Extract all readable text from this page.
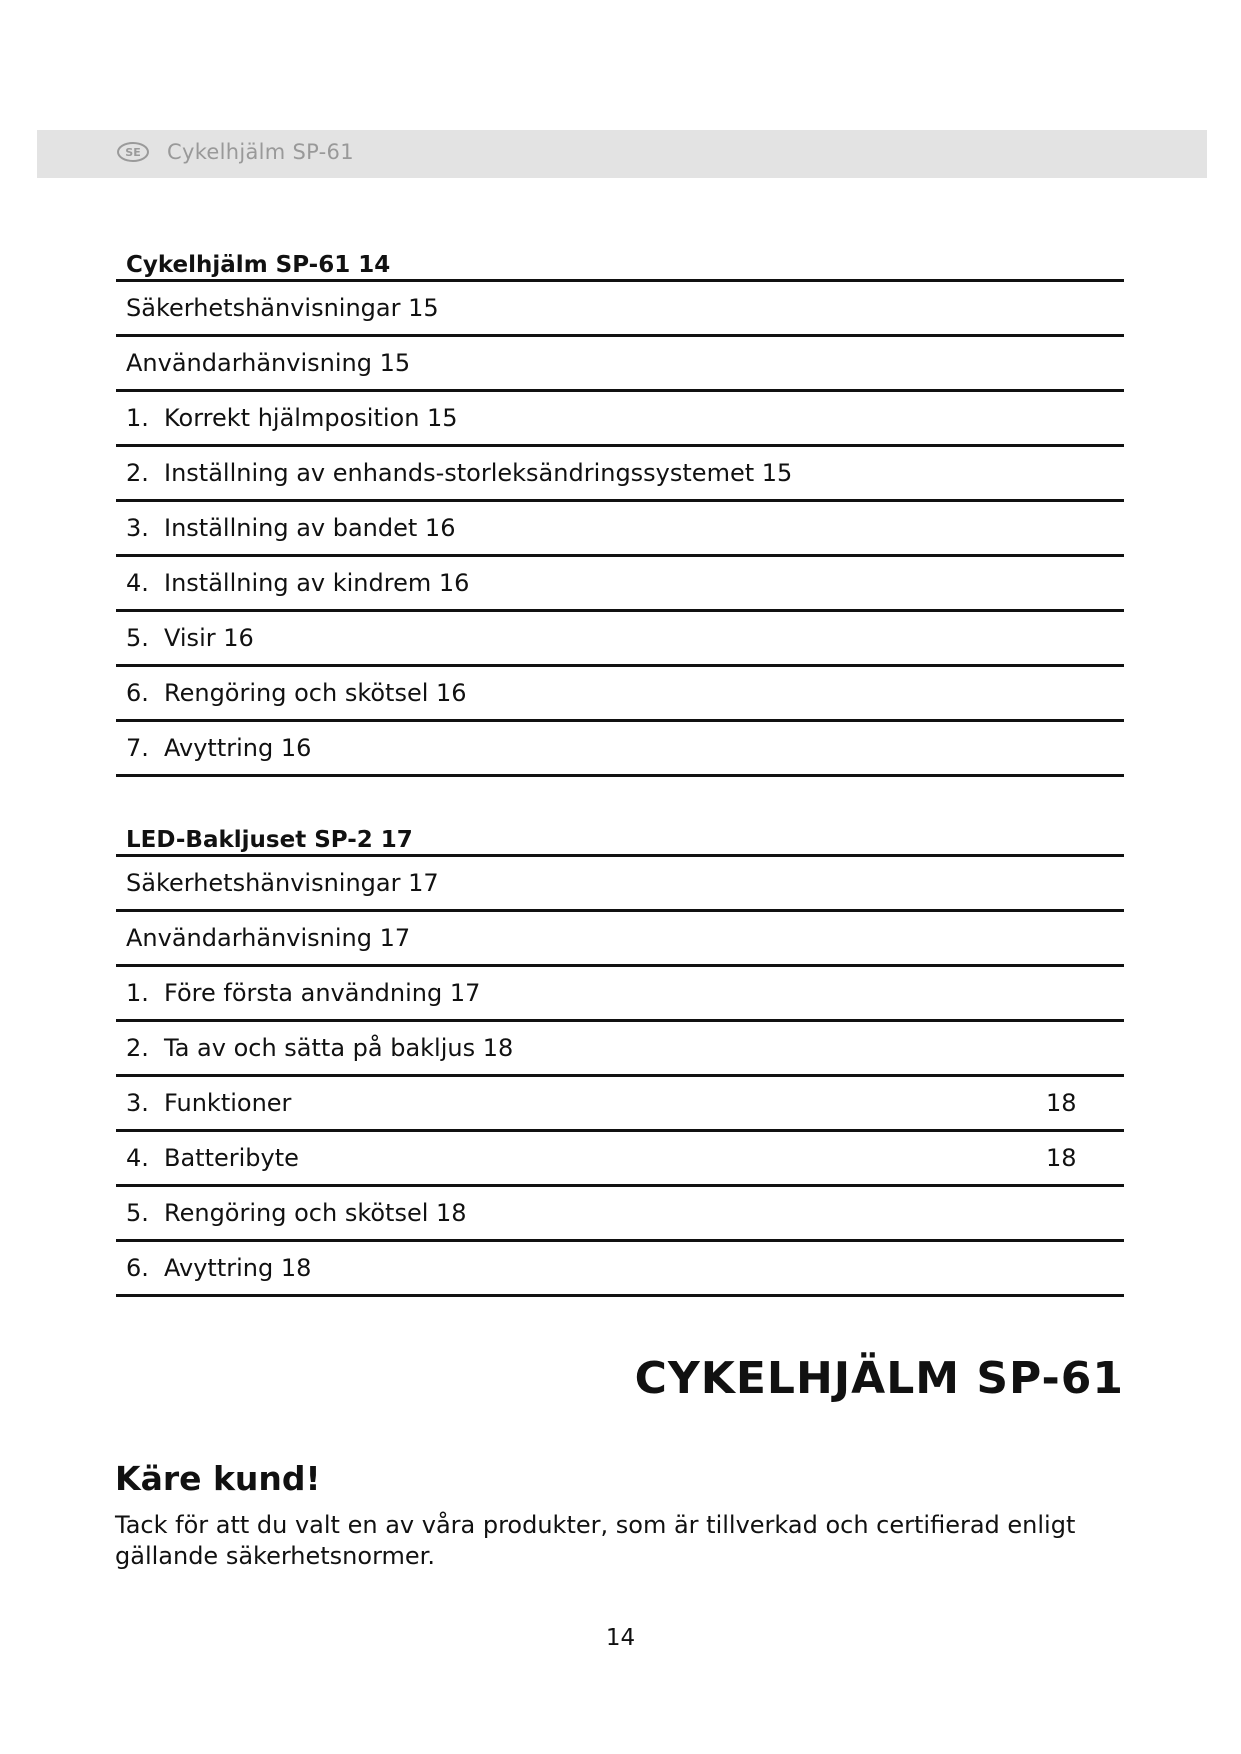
SE	Cykelhjälm SP-61
Cykelhjälm SP-61 14
Säkerhetshänvisningar 15
Användarhänvisning 15
1. Korrekt hjälmposition 15
2. Inställning av enhands-storleksändringssystemet 15
3. Inställning av bandet 16
4. Inställning av kindrem 16
5. Visir 16
6. Rengöring och skötsel 16
7. Avyttring 16
LED-Bakljuset SP-2 17
Säkerhetshänvisningar 17
Användarhänvisning 17
1. Före första användning 17
2. Ta av och sätta på bakljus 18
3. Funktioner	18
4. Batteribyte	18
5. Rengöring och skötsel 18
6. Avyttring 18
CYKELHJÄLM SP-61
Käre kund!
Tack för att du valt en av våra produkter, som är tillverkad och certifierad enligt gällande säkerhetsnormer.
14
